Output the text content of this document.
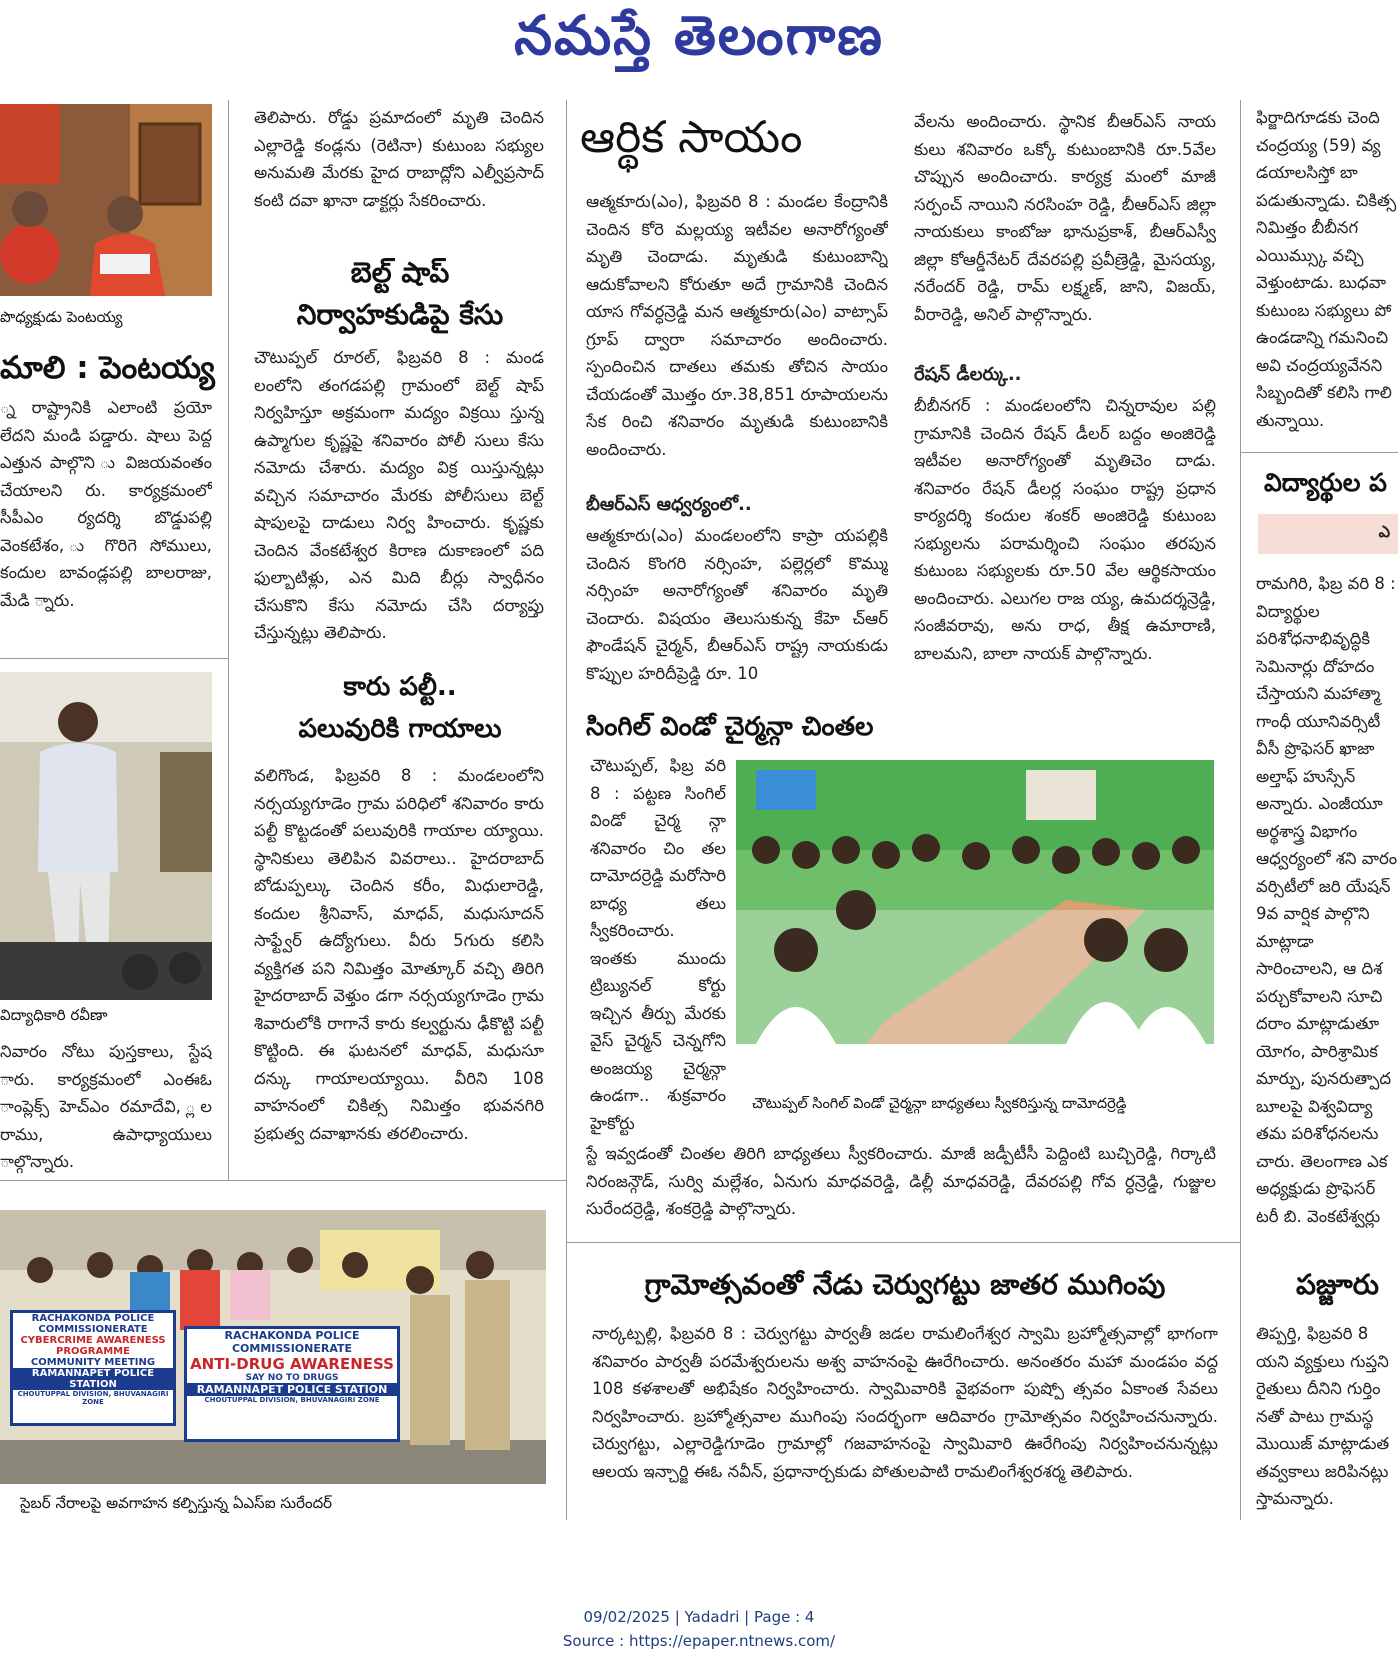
నమస్తే తెలంగాణ
పొధ్యక్షుడు పెంటయ్య
మాలి : పెంటయ్య
్న రాష్ట్రానికి ఎలాంటి ప్రయో లేదని మండి పడ్డారు. షాలు పెద్ద ఎత్తున పాల్గొని ు విజయవంతం చేయాలని రు. కార్యక్రమంలో సీపీఎం ర్యదర్శి బొడ్డుపల్లి వెంకటేశం, ు గొరిగె సోములు, కందుల బావండ్లపల్లి బాలరాజు, మేడి ్నారు.
విద్యాధికారి రవీణా
నివారం నోటు పుస్తకాలు, స్టేష ారు. కార్యక్రమంలో ఎంఈఓ ాంప్లెక్స్ హెచ్ఎం రమాదేవి, ్లల రాము, ఉపాధ్యాయులు ాల్గొన్నారు.
తెలిపారు. రోడ్డు ప్రమాదంలో మృతి చెందిన ఎల్లారెడ్డి కండ్లను (రెటినా) కుటుంబ సభ్యుల అనుమతి మేరకు హైద రాబాద్లోని ఎల్వీప్రసాద్ కంటి దవా ఖానా డాక్టర్లు సేకరించారు.
బెల్ట్ షాప్
నిర్వాహకుడిపై కేసు
చౌటుప్పల్ రూరల్, ఫిబ్రవరి 8 : మండ లంలోని తంగడపల్లి గ్రామంలో బెల్ట్ షాప్ నిర్వహిస్తూ అక్రమంగా మద్యం విక్రయి స్తున్న ఉప్మాగుల కృష్ణపై శనివారం పోలీ సులు కేసు నమోదు చేశారు. మద్యం విక్ర యిస్తున్నట్లు వచ్చిన సమాచారం మేరకు పోలీసులు బెల్ట్ షాపులపై దాడులు నిర్వ హించారు. కృష్ణకు చెందిన వేంకటేశ్వర కిరాణ దుకాణంలో పది ఫుల్బాటిళ్లు, ఎన మిది బీర్లు స్వాధీనం చేసుకొని కేసు నమోదు చేసి దర్యాప్తు చేస్తున్నట్లు తెలిపారు.
కారు పల్టీ..
పలువురికి గాయాలు
వలిగొండ, ఫిబ్రవరి 8 : మండలంలోని నర్సయ్యగూడెం గ్రామ పరిధిలో శనివారం కారు పల్టీ కొట్టడంతో పలువురికి గాయాల య్యాయి. స్థానికులు తెలిపిన వివరాలు.. హైదరాబాద్ బోడుప్పల్కు చెందిన కరీం, మిధులారెడ్డి, కందుల శ్రీనివాస్, మాధవ్, మధుసూదన్ సాఫ్ట్వేర్ ఉద్యోగులు. వీరు 5గురు కలిసి వ్యక్తిగత పని నిమిత్తం మోత్కూర్ వచ్చి తిరిగి హైదరాబాద్ వెళ్తుం డగా నర్సయ్యగూడెం గ్రామ శివారులోకి రాగానే కారు కల్వర్టును ఢీకొట్టి పల్టీ కొట్టింది. ఈ ఘటనలో మాధవ్, మధుసూ దన్కు గాయాలయ్యాయి. వీరిని 108 వాహనంలో చికిత్స నిమిత్తం భువనగిరి ప్రభుత్వ దవాఖానకు తరలించారు.
RACHAKONDA POLICE
COMMISSIONERATE
CYBERCRIME AWARENESS
PROGRAMME
COMMUNITY MEETING
RAMANNAPET POLICE STATION
CHOUTUPPAL DIVISION, BHUVANAGIRI ZONE
RACHAKONDA POLICE
COMMISSIONERATE
ANTI-DRUG AWARENESS
SAY NO TO DRUGS
RAMANNAPET POLICE STATION
CHOUTUPPAL DIVISION, BHUVANAGIRI ZONE
సైబర్ నేరాలపై అవగాహన కల్పిస్తున్న ఏఎస్ఐ సురేందర్
ఆర్థిక సాయం
ఆత్మకూరు(ఎం), ఫిబ్రవరి 8 : మండల కేంద్రానికి చెందిన కోరె మల్లయ్య ఇటీవల అనారోగ్యంతో మృతి చెందాడు. మృతుడి కుటుంబాన్ని ఆదుకోవాలని కోరుతూ అదే గ్రామానికి చెందిన యాస గోవర్ధన్రెడ్డి మన ఆత్మకూరు(ఎం) వాట్సాప్ గ్రూప్ ద్వారా సమాచారం అందించారు. స్పందించిన దాతలు తమకు తోచిన సాయం చేయడంతో మొత్తం రూ.38,851 రూపాయలను సేక రించి శనివారం మృతుడి కుటుంబానికి అందించారు.
బీఆర్ఎస్ ఆధ్వర్యంలో..
ఆత్మకూరు(ఎం) మండలంలోని కాప్రా యపల్లికి చెందిన కొంగరి నర్సింహ, పల్లెర్లలో కొమ్ము నర్సింహ అనారోగ్యంతో శనివారం మృతి చెందారు. విషయం తెలుసుకున్న కేహె చ్ఆర్ ఫౌండేషన్ చైర్మన్, బీఆర్ఎస్ రాష్ట్ర నాయకుడు కొప్పుల హరిదీప్రెడ్డి రూ. 10
వేలను అందించారు. స్థానిక బీఆర్ఎస్ నాయ కులు శనివారం ఒక్కో కుటుంబానికి రూ.5వేల చొప్పున అందించారు. కార్యక్ర మంలో మాజీ సర్పంచ్ నాయిని నరసింహ రెడ్డి, బీఆర్ఎస్ జిల్లా నాయకులు కాంబోజు భానుప్రకాశ్, బీఆర్ఎస్వీ జిల్లా కోఆర్డీనేటర్ దేవరపల్లి ప్రవీణ్రెడ్డి, మైసయ్య, నరేందర్ రెడ్డి, రామ్ లక్ష్మణ్, జాని, విజయ్, వీరారెడ్డి, అనిల్ పాల్గొన్నారు.
రేషన్ డీలర్కు..
బీబీనగర్ : మండలంలోని చిన్నరావుల పల్లి గ్రామానికి చెందిన రేషన్ డీలర్ బద్దం అంజిరెడ్డి ఇటీవల అనారోగ్యంతో మృతిచెం దాడు. శనివారం రేషన్ డీలర్ల సంఘం రాష్ట్ర ప్రధాన కార్యదర్శి కందుల శంకర్ అంజిరెడ్డి కుటుంబ సభ్యులను పరామర్శించి సంఘం తరపున కుటుంబ సభ్యులకు రూ.50 వేల ఆర్థికసాయం అందించారు. ఎలుగల రాజ య్య, ఉమదర్శన్రెడ్డి, సంజీవరావు, అను రాధ, తీక్ష ఉమారాణి, బాలమని, బాలా నాయక్ పాల్గొన్నారు.
సింగిల్ విండో చైర్మన్గా చింతల
చౌటుప్పల్, ఫిబ్ర వరి 8 : పట్టణ సింగిల్ విండో చైర్మ న్గా శనివారం చిం తల దామోదర్రెడ్డి మరోసారి బాధ్య తలు స్వీకరించారు. ఇంతకు ముందు ట్రిబ్యునల్ కోర్టు ఇచ్చిన తీర్పు మేరకు వైస్ చైర్మన్ చెన్నగోని అంజయ్య చైర్మన్గా ఉండగా.. శుక్రవారం హైకోర్టు
చౌటుప్పల్ సింగిల్ విండో చైర్మన్గా బాధ్యతలు స్వీకరిస్తున్న దామోదర్రెడ్డి
స్టే ఇవ్వడంతో చింతల తిరిగి బాధ్యతలు స్వీకరించారు. మాజీ జడ్పీటీసీ పెద్దింటి బుచ్చిరెడ్డి, గిర్కాటి నిరంజన్గౌడ్, సుర్వి మల్లేశం, ఏనుగు మాధవరెడ్డి, డిల్లీ మాధవరెడ్డి, దేవరపల్లి గోవ ర్ధన్రెడ్డి, గుజ్జుల సురేందర్రెడ్డి, శంకర్రెడ్డి పాల్గొన్నారు.
గ్రామోత్సవంతో నేడు చెర్వుగట్టు జాతర ముగింపు
నార్కట్పల్లి, ఫిబ్రవరి 8 : చెర్వుగట్టు పార్వతీ జడల రామలింగేశ్వర స్వామి బ్రహ్మోత్సవాల్లో భాగంగా శనివారం పార్వతీ పరమేశ్వరులను అశ్వ వాహనంపై ఊరేగించారు. అనంతరం మహా మండపం వద్ద 108 కళశాలతో అభిషేకం నిర్వహించారు. స్వామివారికి వైభవంగా పుష్పో త్సవం ఏకాంత సేవలు నిర్వహించారు. బ్రహ్మోత్సవాల ముగింపు సందర్భంగా ఆదివారం గ్రామోత్సవం నిర్వహించనున్నారు. చెర్వుగట్టు, ఎల్లారెడ్డిగూడెం గ్రామాల్లో గజవాహనంపై స్వామివారి ఊరేగింపు నిర్వహించనున్నట్లు ఆలయ ఇన్చార్జి ఈఓ నవీన్, ప్రధానార్చకుడు పోతులపాటి రామలింగేశ్వరశర్మ తెలిపారు.
ఫిర్జాదిగూడకు చెంది చంద్రయ్య (59) వ్య డయాలసిస్తో బా పడుతున్నాడు. చికిత్స నిమిత్తం బీబీనగ ఎయిమ్స్కు వచ్చి వెళ్తుంటాడు. బుధవా కుటుంబ సభ్యులు పో ఉండడాన్ని గమనించి అవి చంద్రయ్యవేనని సిబ్బందితో కలిసి గాలి తున్నాయి.
విద్యార్థుల ప
ఎ
రామగిరి, ఫిబ్ర వరి 8 : విద్యార్థుల పరిశోధనాభివృద్ధికి సెమినార్లు దోహదం చేస్తాయని మహాత్మా గాంధీ యూనివర్సిటీ వీసీ ప్రొఫెసర్ ఖాజా అల్తాఫ్ హుస్సేన్ అన్నారు. ఎంజీయూ అర్థశాస్త్ర విభాగం ఆధ్వర్యంలో శని వారం వర్సిటీలో జరి యేషన్ 9వ వార్షిక పాల్గొని మాట్లాడా సారించాలని, ఆ దిశ పర్చుకోవాలని సూచి దరాం మాట్లాడుతూ యోగం, పారిశ్రామిక మార్పు, పునరుత్పాద బూలపై విశ్వవిద్యా తమ పరిశోధనలను చారు. తెలంగాణ ఎక అధ్యక్షుడు ప్రొఫెసర్ టరీ బి. వెంకటేశ్వర్లు
పజ్జూరు
తిప్పర్తి, ఫిబ్రవరి 8 యని వ్యక్తులు గుప్తని రైతులు దీనిని గుర్తిం నతో పాటు గ్రామస్థ మొయిజ్ మాట్లాడుత తవ్వకాలు జరిపినట్లు స్తామన్నారు.
09/02/2025 | Yadadri | Page : 4
Source : https://epaper.ntnews.com/
